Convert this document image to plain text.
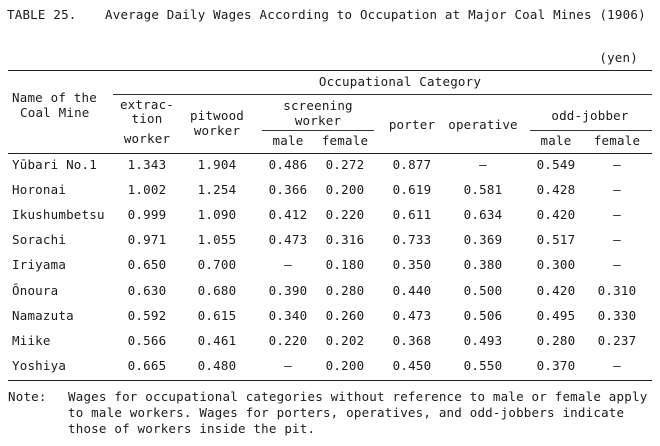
TABLE 25.	Average Daily Wages According to Occupation at Major Coal Mines (1906)
(yen)
Occupational Category
Name of the
Coal Mine
extrac-
tion
worker
pitwood
worker
screening
worker
male	female
porter	operative
odd-jobber
male	female
Yūbari No.1	1.343	1.904	0.486	0.272	0.877	–	0.549	–
Horonai	1.002	1.254	0.366	0.200	0.619	0.581	0.428	–
Ikushumbetsu	0.999	1.090	0.412	0.220	0.611	0.634	0.420	–
Sorachi	0.971	1.055	0.473	0.316	0.733	0.369	0.517	–
Iriyama	0.650	0.700	–	0.180	0.350	0.380	0.300	–
Ōnoura	0.630	0.680	0.390	0.280	0.440	0.500	0.420	0.310
Namazuta	0.592	0.615	0.340	0.260	0.473	0.506	0.495	0.330
Miike	0.566	0.461	0.220	0.202	0.368	0.493	0.280	0.237
Yoshiya	0.665	0.480	–	0.200	0.450	0.550	0.370	–
Note:	Wages for occupational categories without reference to male or female apply to male workers. Wages for porters, operatives, and odd-jobbers indicate those of workers inside the pit.
